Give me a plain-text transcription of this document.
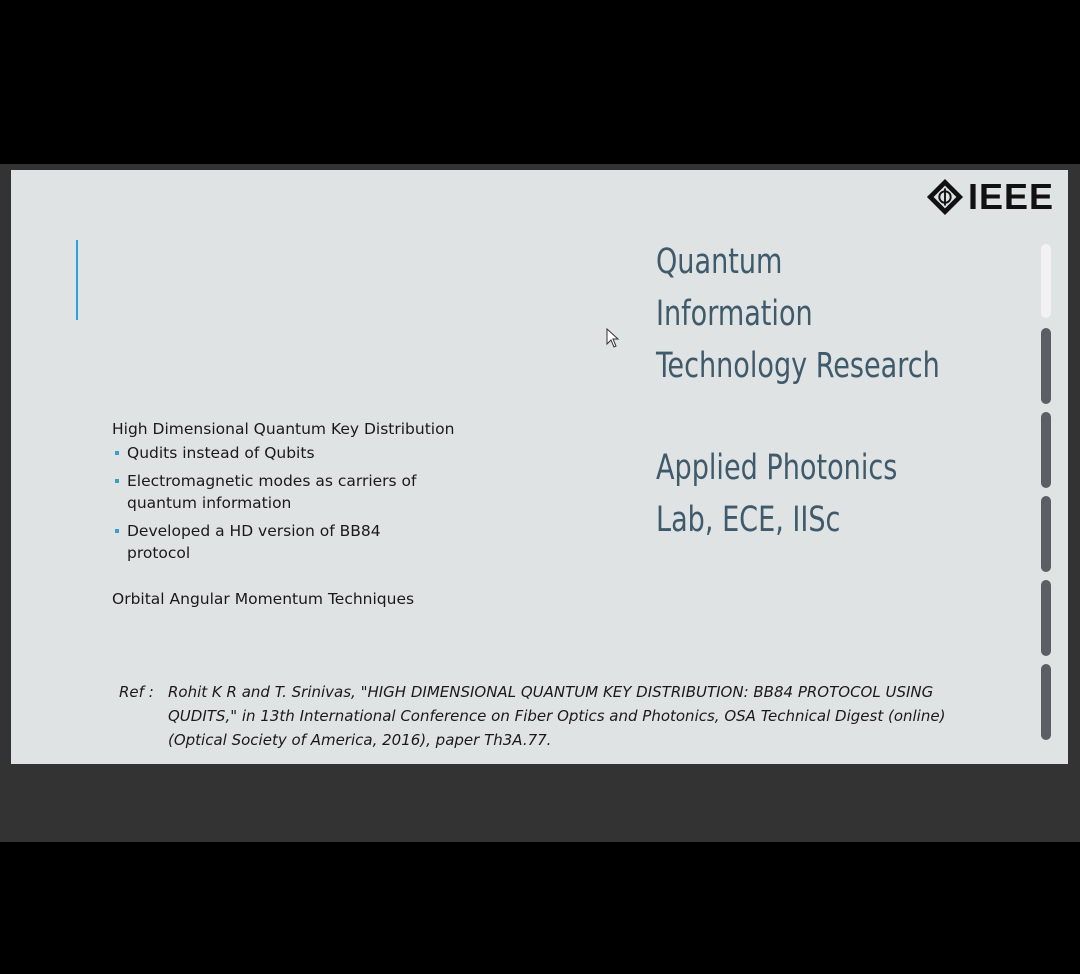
IEEE
Quantum
Information
Technology Research
Applied Photonics
Lab, ECE, IISc
High Dimensional Quantum Key Distribution
Qudits instead of Qubits
Electromagnetic modes as carriers of quantum information
Developed a HD version of BB84 protocol
Orbital Angular Momentum Techniques
Ref : Rohit K R and T. Srinivas, "HIGH DIMENSIONAL QUANTUM KEY DISTRIBUTION: BB84 PROTOCOL USING
QUDITS," in 13th International Conference on Fiber Optics and Photonics, OSA Technical Digest (online)
(Optical Society of America, 2016), paper Th3A.77.
